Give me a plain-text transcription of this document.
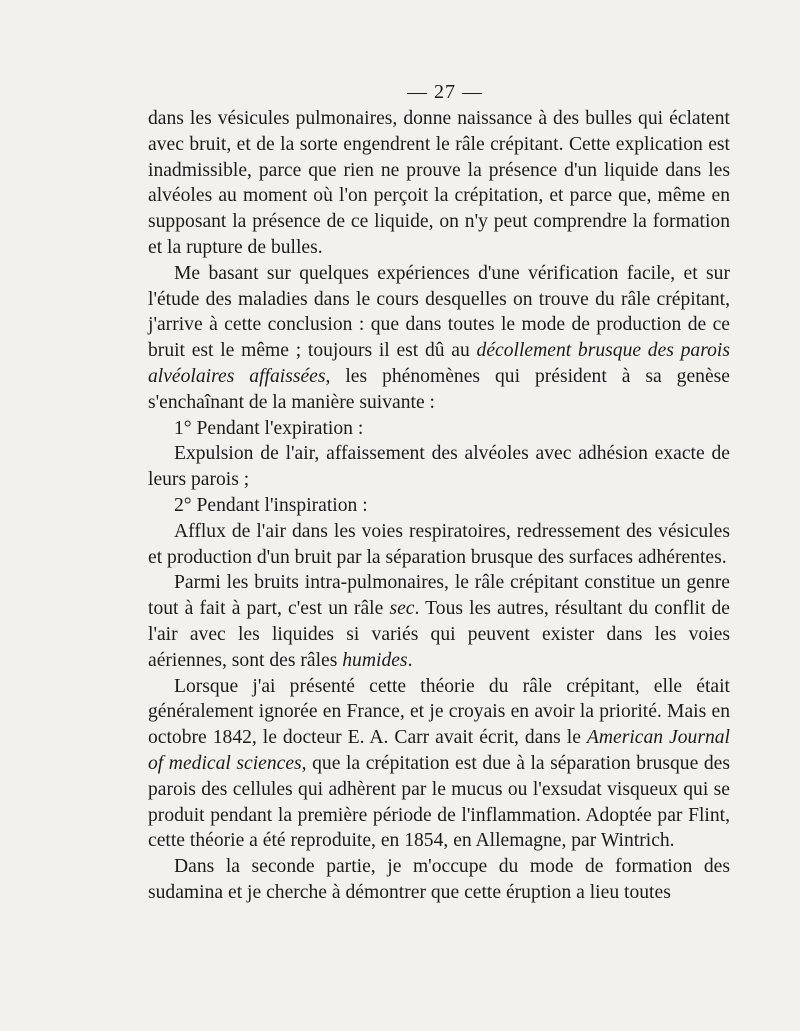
— 27 —

dans les vésicules pulmonaires, donne naissance à des bulles qui éclatent avec bruit, et de la sorte engendrent le râle crépitant. Cette explication est inadmissible, parce que rien ne prouve la présence d'un liquide dans les alvéoles au moment où l'on perçoit la crépitation, et parce que, même en supposant la présence de ce liquide, on n'y peut comprendre la formation et la rupture de bulles.

Me basant sur quelques expériences d'une vérification facile, et sur l'étude des maladies dans le cours desquelles on trouve du râle crépitant, j'arrive à cette conclusion : que dans toutes le mode de production de ce bruit est le même ; toujours il est dû au décollement brusque des parois alvéolaires affaissées, les phénomènes qui président à sa genèse s'enchaînant de la manière suivante :

1° Pendant l'expiration :

Expulsion de l'air, affaissement des alvéoles avec adhésion exacte de leurs parois ;

2° Pendant l'inspiration :

Afflux de l'air dans les voies respiratoires, redressement des vésicules et production d'un bruit par la séparation brusque des surfaces adhérentes.

Parmi les bruits intra-pulmonaires, le râle crépitant constitue un genre tout à fait à part, c'est un râle sec. Tous les autres, résultant du conflit de l'air avec les liquides si variés qui peuvent exister dans les voies aériennes, sont des râles humides.

Lorsque j'ai présenté cette théorie du râle crépitant, elle était généralement ignorée en France, et je croyais en avoir la priorité. Mais en octobre 1842, le docteur E. A. Carr avait écrit, dans le American Journal of medical sciences, que la crépitation est due à la séparation brusque des parois des cellules qui adhèrent par le mucus ou l'exsudat visqueux qui se produit pendant la première période de l'inflammation. Adoptée par Flint, cette théorie a été reproduite, en 1854, en Allemagne, par Wintrich.

Dans la seconde partie, je m'occupe du mode de formation des sudamina et je cherche à démontrer que cette éruption a lieu toutes
